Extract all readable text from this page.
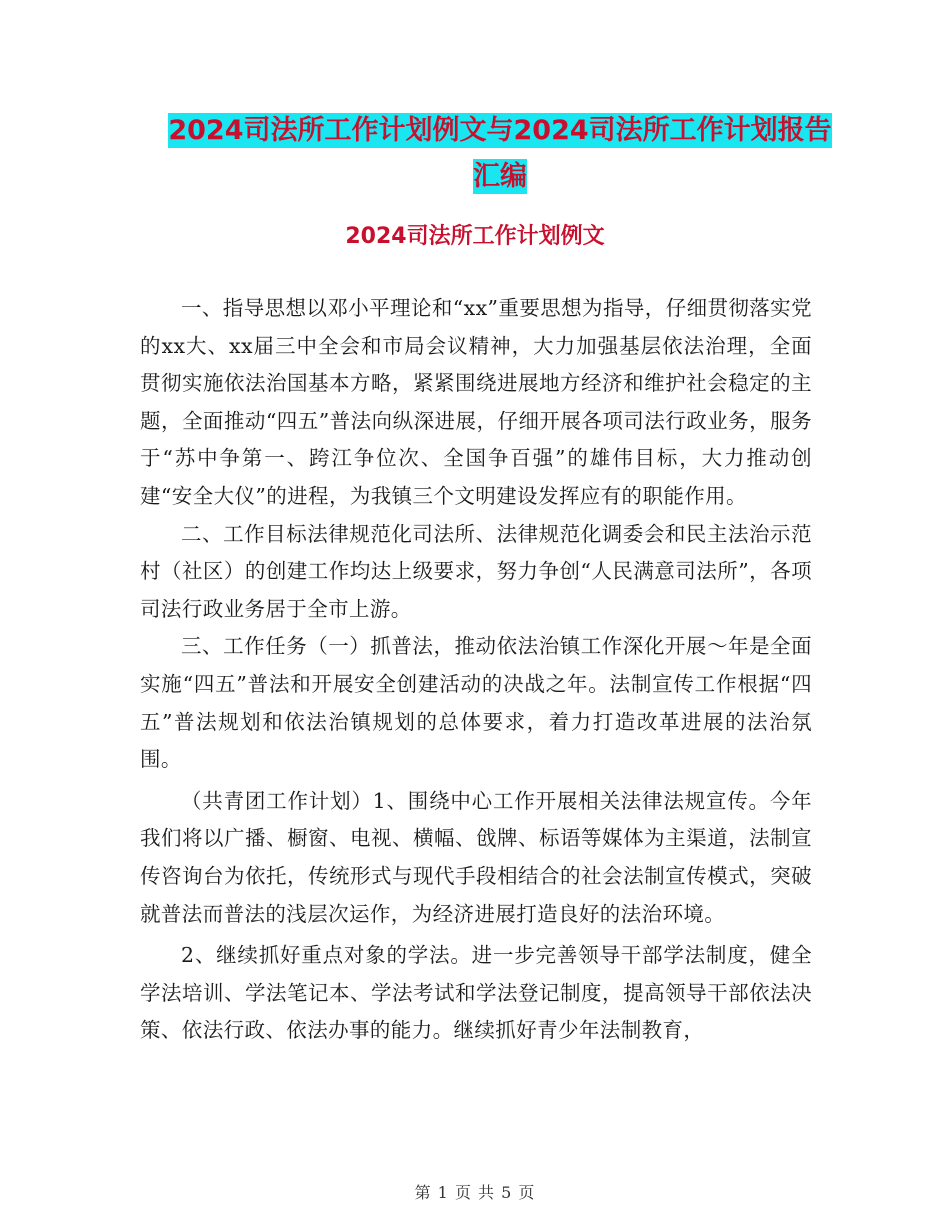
2024司法所工作计划例文与2024司法所工作计划报告
汇编
2024司法所工作计划例文

一、指导思想以邓小平理论和“xx”重要思想为指导，仔细贯彻落实党的xx大、xx届三中全会和市局会议精神，大力加强基层依法治理，全面贯彻实施依法治国基本方略，紧紧围绕进展地方经济和维护社会稳定的主题，全面推动“四五”普法向纵深进展，仔细开展各项司法行政业务，服务于“苏中争第一、跨江争位次、全国争百强”的雄伟目标，大力推动创建“安全大仪”的进程，为我镇三个文明建设发挥应有的职能作用。

二、工作目标法律规范化司法所、法律规范化调委会和民主法治示范村（社区）的创建工作均达上级要求，努力争创“人民满意司法所”，各项司法行政业务居于全市上游。

三、工作任务（一）抓普法，推动依法治镇工作深化开展～年是全面实施“四五”普法和开展安全创建活动的决战之年。法制宣传工作根据“四五”普法规划和依法治镇规划的总体要求，着力打造改革进展的法治氛围。

（共青团工作计划）1、围绕中心工作开展相关法律法规宣传。今年我们将以广播、橱窗、电视、横幅、戗牌、标语等媒体为主渠道，法制宣传咨询台为依托，传统形式与现代手段相结合的社会法制宣传模式，突破就普法而普法的浅层次运作，为经济进展打造良好的法治环境。

2、继续抓好重点对象的学法。进一步完善领导干部学法制度，健全学法培训、学法笔记本、学法考试和学法登记制度，提高领导干部依法决策、依法行政、依法办事的能力。继续抓好青少年法制教育，

第 1 页 共 5 页
